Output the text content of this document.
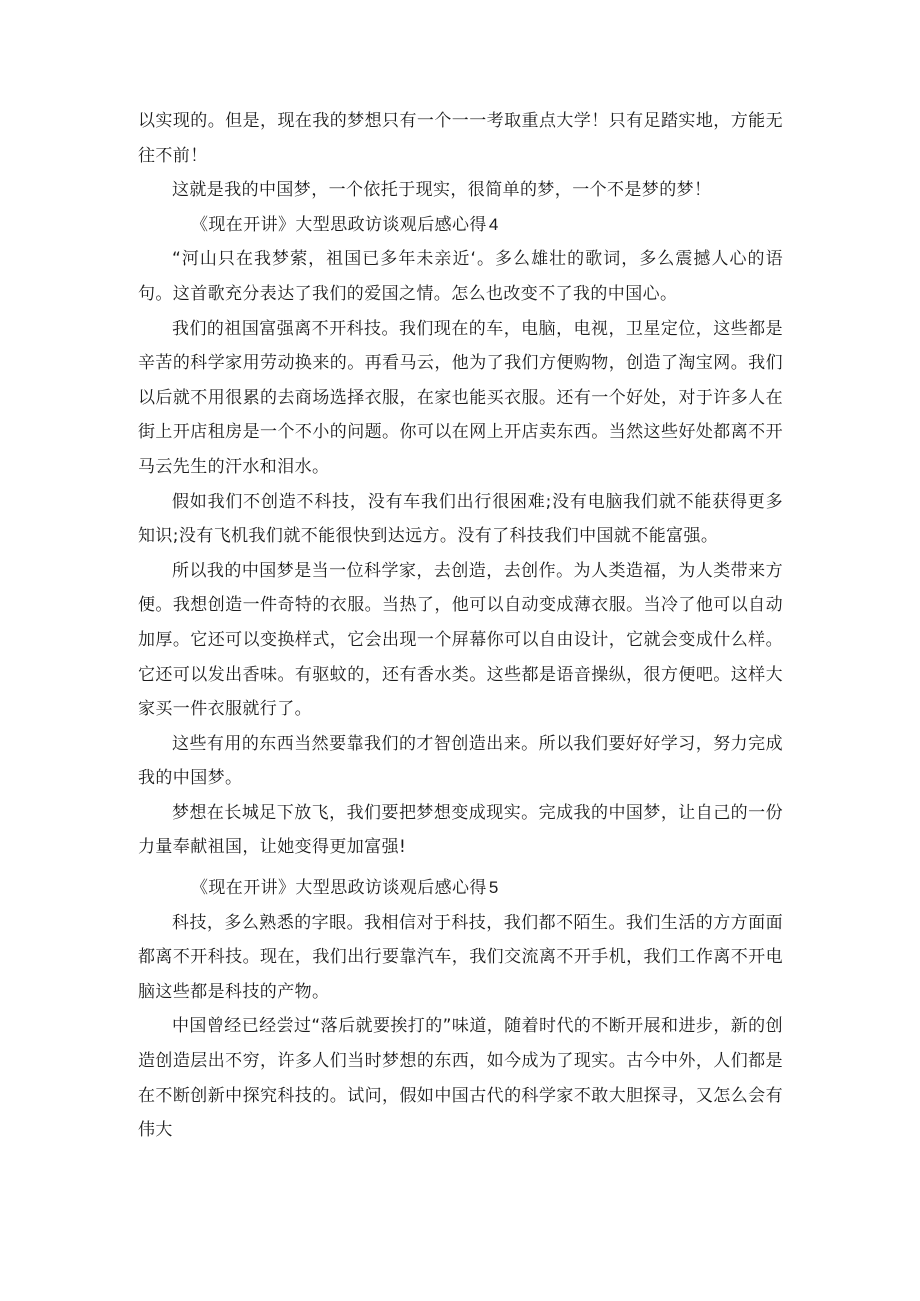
以实现的。但是，现在我的梦想只有一个一一考取重点大学！只有足踏实地，方能无往不前！

这就是我的中国梦，一个依托于现实，很简单的梦，一个不是梦的梦！

《现在开讲》大型思政访谈观后感心得 4

“河山只在我梦萦，祖国已多年未亲近‘。多么雄壮的歌词，多么震撼人心的语句。这首歌充分表达了我们的爱国之情。怎么也改变不了我的中国心。

我们的祖国富强离不开科技。我们现在的车，电脑，电视，卫星定位，这些都是辛苦的科学家用劳动换来的。再看马云，他为了我们方便购物，创造了淘宝网。我们以后就不用很累的去商场选择衣服，在家也能买衣服。还有一个好处，对于许多人在街上开店租房是一个不小的问题。你可以在网上开店卖东西。当然这些好处都离不开马云先生的汗水和泪水。

假如我们不创造不科技，没有车我们出行很困难;没有电脑我们就不能获得更多知识;没有飞机我们就不能很快到达远方。没有了科技我们中国就不能富强。

所以我的中国梦是当一位科学家，去创造，去创作。为人类造福，为人类带来方便。我想创造一件奇特的衣服。当热了，他可以自动变成薄衣服。当冷了他可以自动加厚。它还可以变换样式，它会出现一个屏幕你可以自由设计，它就会变成什么样。它还可以发出香味。有驱蚊的，还有香水类。这些都是语音操纵，很方便吧。这样大家买一件衣服就行了。

这些有用的东西当然要靠我们的才智创造出来。所以我们要好好学习，努力完成我的中国梦。

梦想在长城足下放飞，我们要把梦想变成现实。完成我的中国梦，让自己的一份力量奉献祖国，让她变得更加富强!

《现在开讲》大型思政访谈观后感心得 5

科技，多么熟悉的字眼。我相信对于科技，我们都不陌生。我们生活的方方面面都离不开科技。现在，我们出行要靠汽车，我们交流离不开手机，我们工作离不开电脑这些都是科技的产物。

中国曾经已经尝过“落后就要挨打的”味道，随着时代的不断开展和进步，新的创造创造层出不穷，许多人们当时梦想的东西，如今成为了现实。古今中外，人们都是在不断创新中探究科技的。试问，假如中国古代的科学家不敢大胆探寻，又怎么会有伟大
